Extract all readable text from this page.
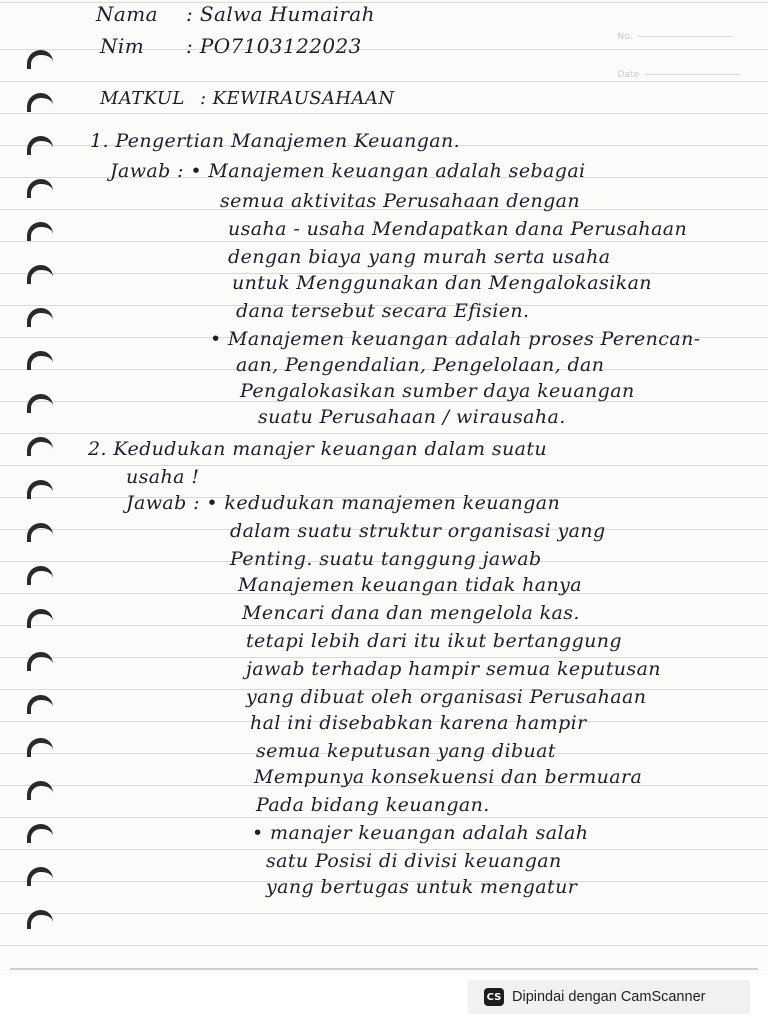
No.
Date
Nama : Salwa Humairah
Nim : PO7103122023
MATKUL : KEWIRAUSAHAAN
1. Pengertian Manajemen Keuangan.
Jawab : • Manajemen keuangan adalah sebagai
semua aktivitas Perusahaan dengan
usaha - usaha Mendapatkan dana Perusahaan
dengan biaya yang murah serta usaha
untuk Menggunakan dan Mengalokasikan
dana tersebut secara Efisien.
• Manajemen keuangan adalah proses Perencan-
aan, Pengendalian, Pengelolaan, dan
Pengalokasikan sumber daya keuangan
suatu Perusahaan / wirausaha.
2. Kedudukan manajer keuangan dalam suatu
usaha !
Jawab : • kedudukan manajemen keuangan
dalam suatu struktur organisasi yang
Penting. suatu tanggung jawab
Manajemen keuangan tidak hanya
Mencari dana dan mengelola kas.
tetapi lebih dari itu ikut bertanggung
jawab terhadap hampir semua keputusan
yang dibuat oleh organisasi Perusahaan
hal ini disebabkan karena hampir
semua keputusan yang dibuat
Mempunya konsekuensi dan bermuara
Pada bidang keuangan.
• manajer keuangan adalah salah
satu Posisi di divisi keuangan
yang bertugas untuk mengatur
CS Dipindai dengan CamScanner
